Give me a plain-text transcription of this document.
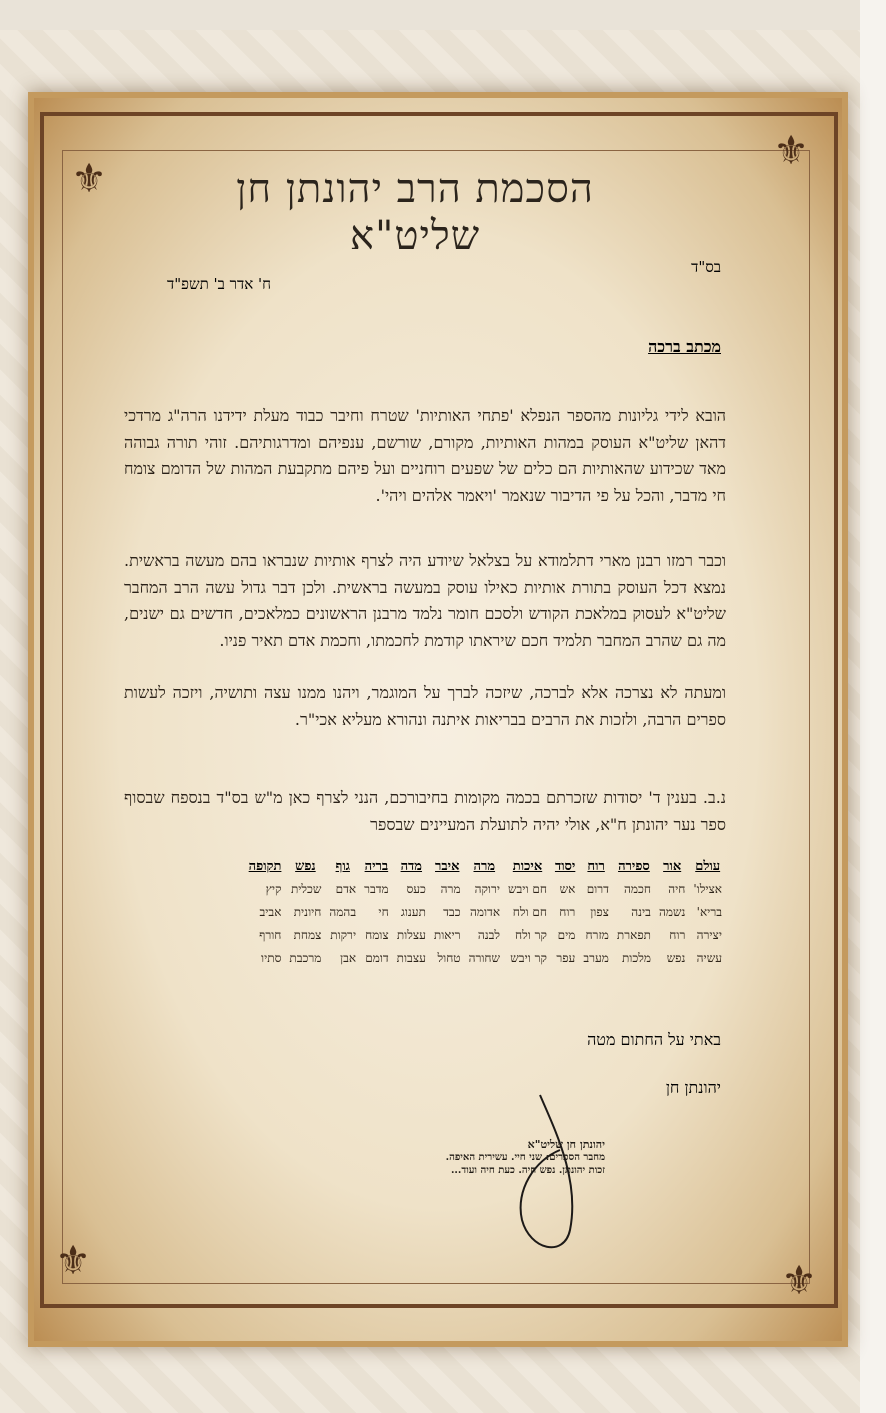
⚜
⚜
⚜	⚜
הסכמת הרב יהונתן חן שליט"א
בס"ד
ח' אדר ב' תשפ"ד
מכתב ברכה
הובא לידי גליונות מהספר הנפלא 'פתחי האותיות' שטרח וחיבר כבוד מעלת ידידנו הרה"ג מרדכי דהאן שליט"א העוסק במהות האותיות, מקורם, שורשם, ענפיהם ומדרגותיהם. זוהי תורה גבוהה מאד שכידוע שהאותיות הם כלים של שפעים רוחניים ועל פיהם מתקבעת המהות של הדומם צומח חי מדבר, והכל על פי הדיבור שנאמר 'ויאמר אלהים ויהי'.
וכבר רמזו רבנן מארי דתלמודא על בצלאל שיודע היה לצרף אותיות שנבראו בהם מעשה בראשית. נמצא דכל העוסק בתורת אותיות כאילו עוסק במעשה בראשית. ולכן דבר גדול עשה הרב המחבר שליט"א לעסוק במלאכת הקודש ולסכם חומר נלמד מרבנן הראשונים כמלאכים, חדשים גם ישנים, מה גם שהרב המחבר תלמיד חכם שיראתו קודמת לחכמתו, וחכמת אדם תאיר פניו.
ומעתה לא נצרכה אלא לברכה, שיזכה לברך על המוגמר, ויהנו ממנו עצה ותושיה, ויזכה לעשות ספרים הרבה, ולזכות את הרבים בבריאות איתנה ונהורא מעליא אכי"ר.
נ.ב. בענין ד' יסודות שזכרתם בכמה מקומות בחיבורכם, הנני לצרף כאן מ"ש בס"ד בנספח שבסוף ספר נער יהונתן ח"א, אולי יהיה לתועלת המעיינים שבספר
עולם	אור	ספירה	רוח	יסוד	איכות	מרה	איבר	מדה	בריה	גוף	נפש	תקופה
אצילו'	חיה	חכמה	דרום	אש	חם ויבש	ירוקה	מרה	כעס	מדבר	אדם	שכלית	קיץ
בריא'	נשמה	בינה	צפון	רוח	חם ולח	אדומה	כבד	תענוג	חי	בהמה	חיונית	אביב
יצירה	רוח	תפארת	מזרח	מים	קר ולח	לבנה	ריאות	עצלות	צומח	ירקות	צמחת	חורף
עשיה	נפש	מלכות	מערב	עפר	קר ויבש	שחורה	טחול	עצבות	דומם	אבן	מרכבת	סתיו
באתי על החתום מטה
יהונתן חן
יהונתן חן שליט"א
מחבר הספרים: שני חיי. עשירית האיפה.
זכות יהונתן. נפש חיה. כעת חיה ועוד...
